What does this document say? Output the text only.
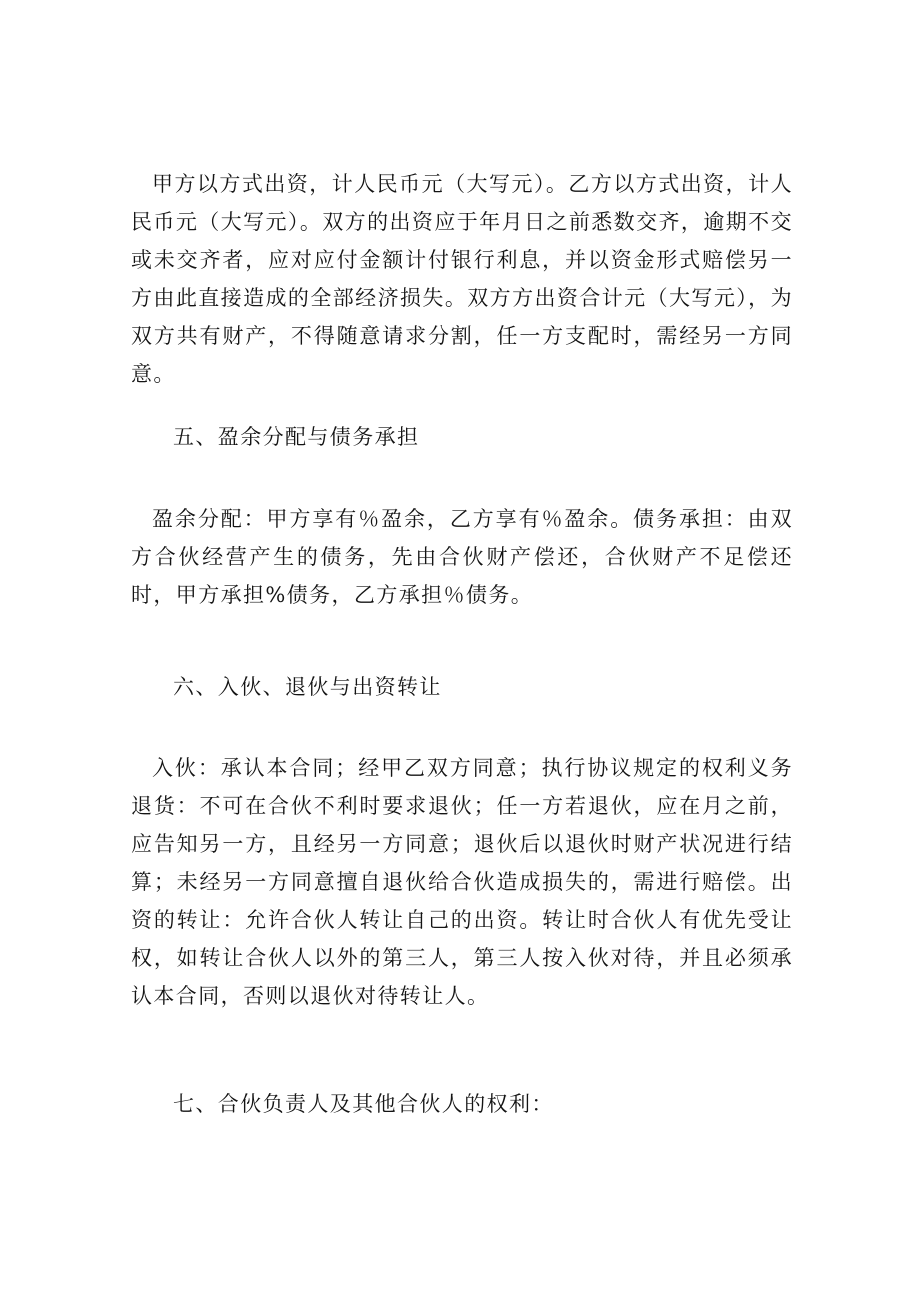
甲方以方式出资，计人民币元（大写元）。乙方以方式出资，计人民币元（大写元）。双方的出资应于年月日之前悉数交齐，逾期不交或未交齐者，应对应付金额计付银行利息，并以资金形式赔偿另一方由此直接造成的全部经济损失。双方方出资合计元（大写元），为双方共有财产，不得随意请求分割，任一方支配时，需经另一方同意。

五、盈余分配与债务承担

盈余分配：甲方享有％盈余，乙方享有％盈余。债务承担：由双方合伙经营产生的债务，先由合伙财产偿还，合伙财产不足偿还时，甲方承担%债务，乙方承担％债务。

六、入伙、退伙与出资转让

入伙：承认本合同；经甲乙双方同意；执行协议规定的权利义务退货：不可在合伙不利时要求退伙；任一方若退伙，应在月之前，应告知另一方，且经另一方同意；退伙后以退伙时财产状况进行结算；未经另一方同意擅自退伙给合伙造成损失的，需进行赔偿。出资的转让：允许合伙人转让自己的出资。转让时合伙人有优先受让权，如转让合伙人以外的第三人，第三人按入伙对待，并且必须承认本合同，否则以退伙对待转让人。

七、合伙负责人及其他合伙人的权利：
